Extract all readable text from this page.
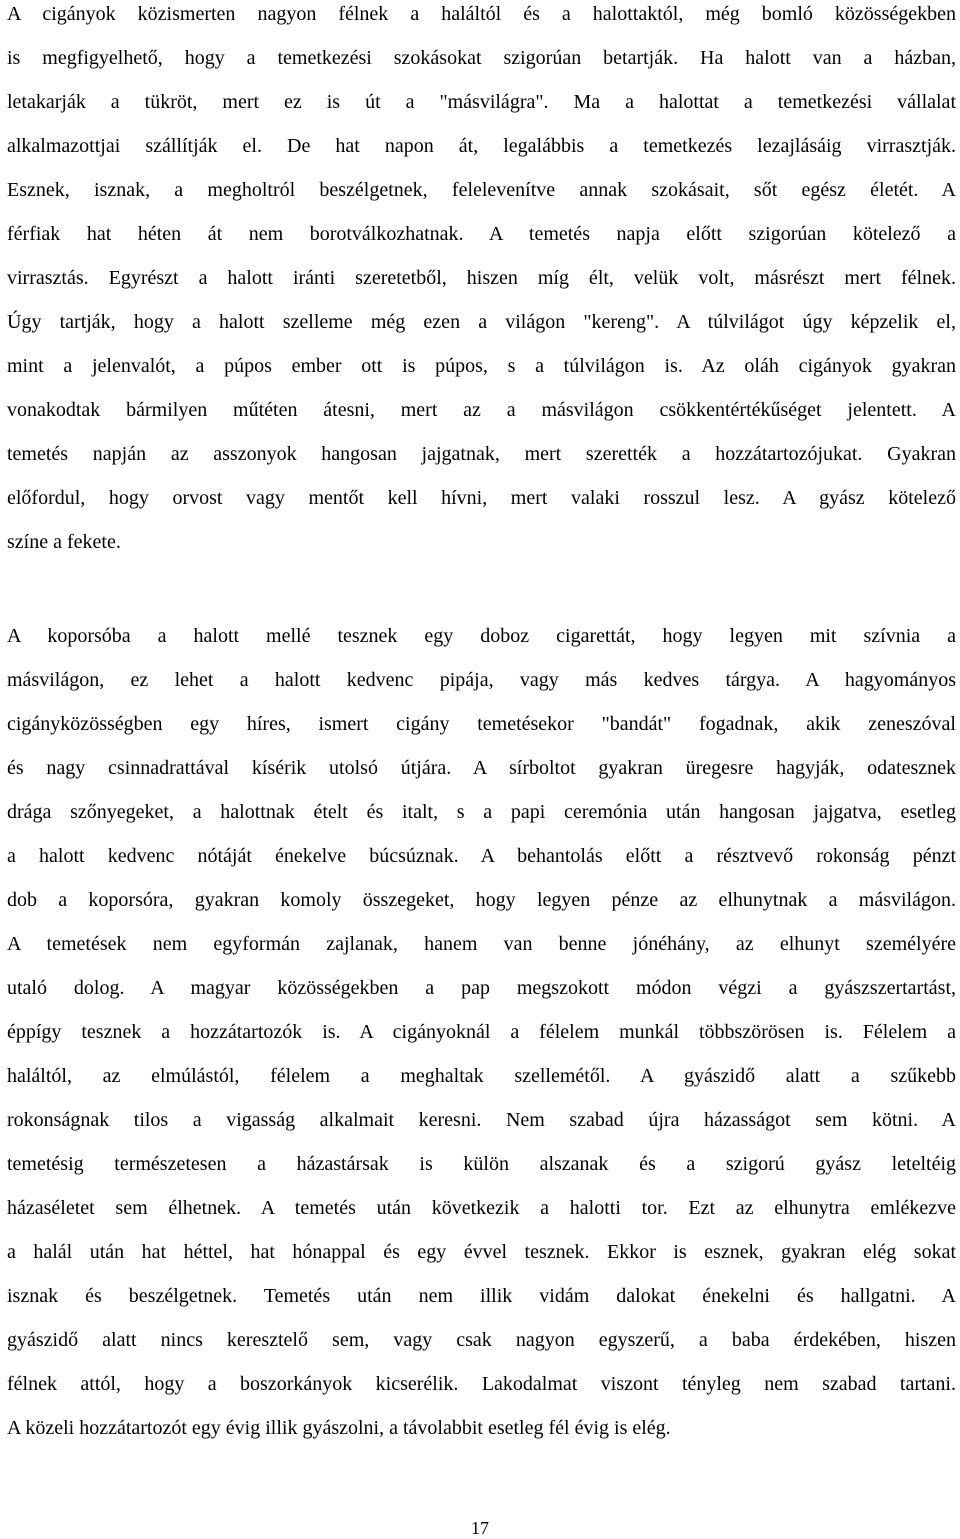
A cigányok közismerten nagyon félnek a haláltól és a halottaktól, még bomló közösségekben
is megfigyelhető, hogy a temetkezési szokásokat szigorúan betartják. Ha halott van a házban,
letakarják a tükröt, mert ez is út a "másvilágra". Ma a halottat a temetkezési vállalat
alkalmazottjai szállítják el. De hat napon át, legalábbis a temetkezés lezajlásáig virrasztják.
Esznek, isznak, a megholtról beszélgetnek, felelevenítve annak szokásait, sőt egész életét. A
férfiak hat héten át nem borotválkozhatnak. A temetés napja előtt szigorúan kötelező a
virrasztás. Egyrészt a halott iránti szeretetből, hiszen míg élt, velük volt, másrészt mert félnek.
Úgy tartják, hogy a halott szelleme még ezen a világon "kereng". A túlvilágot úgy képzelik el,
mint a jelenvalót, a púpos ember ott is púpos, s a túlvilágon is. Az oláh cigányok gyakran
vonakodtak bármilyen műtéten átesni, mert az a másvilágon csökkentértékűséget jelentett. A
temetés napján az asszonyok hangosan jajgatnak, mert szerették a hozzátartozójukat. Gyakran
előfordul, hogy orvost vagy mentőt kell hívni, mert valaki rosszul lesz. A gyász kötelező
színe a fekete.
A koporsóba a halott mellé tesznek egy doboz cigarettát, hogy legyen mit szívnia a
másvilágon, ez lehet a halott kedvenc pipája, vagy más kedves tárgya. A hagyományos
cigányközösségben egy híres, ismert cigány temetésekor "bandát" fogadnak, akik zeneszóval
és nagy csinnadrattával kísérik utolsó útjára. A sírboltot gyakran üregesre hagyják, odatesznek
drága szőnyegeket, a halottnak ételt és italt, s a papi ceremónia után hangosan jajgatva, esetleg
a halott kedvenc nótáját énekelve búcsúznak. A behantolás előtt a résztvevő rokonság pénzt
dob a koporsóra, gyakran komoly összegeket, hogy legyen pénze az elhunytnak a másvilágon.
A temetések nem egyformán zajlanak, hanem van benne jónéhány, az elhunyt személyére
utaló dolog. A magyar közösségekben a pap megszokott módon végzi a gyászszertartást,
éppígy tesznek a hozzátartozók is. A cigányoknál a félelem munkál többszörösen is. Félelem a
haláltól, az elmúlástól, félelem a meghaltak szellemétől. A gyászidő alatt a szűkebb
rokonságnak tilos a vigasság alkalmait keresni. Nem szabad újra házasságot sem kötni. A
temetésig természetesen a házastársak is külön alszanak és a szigorú gyász leteltéig
házaséletet sem élhetnek. A temetés után következik a halotti tor. Ezt az elhunytra emlékezve
a halál után hat héttel, hat hónappal és egy évvel tesznek. Ekkor is esznek, gyakran elég sokat
isznak és beszélgetnek. Temetés után nem illik vidám dalokat énekelni és hallgatni. A
gyászidő alatt nincs keresztelő sem, vagy csak nagyon egyszerű, a baba érdekében, hiszen
félnek attól, hogy a boszorkányok kicserélik. Lakodalmat viszont tényleg nem szabad tartani.
A közeli hozzátartozót egy évig illik gyászolni, a távolabbit esetleg fél évig is elég.
17
